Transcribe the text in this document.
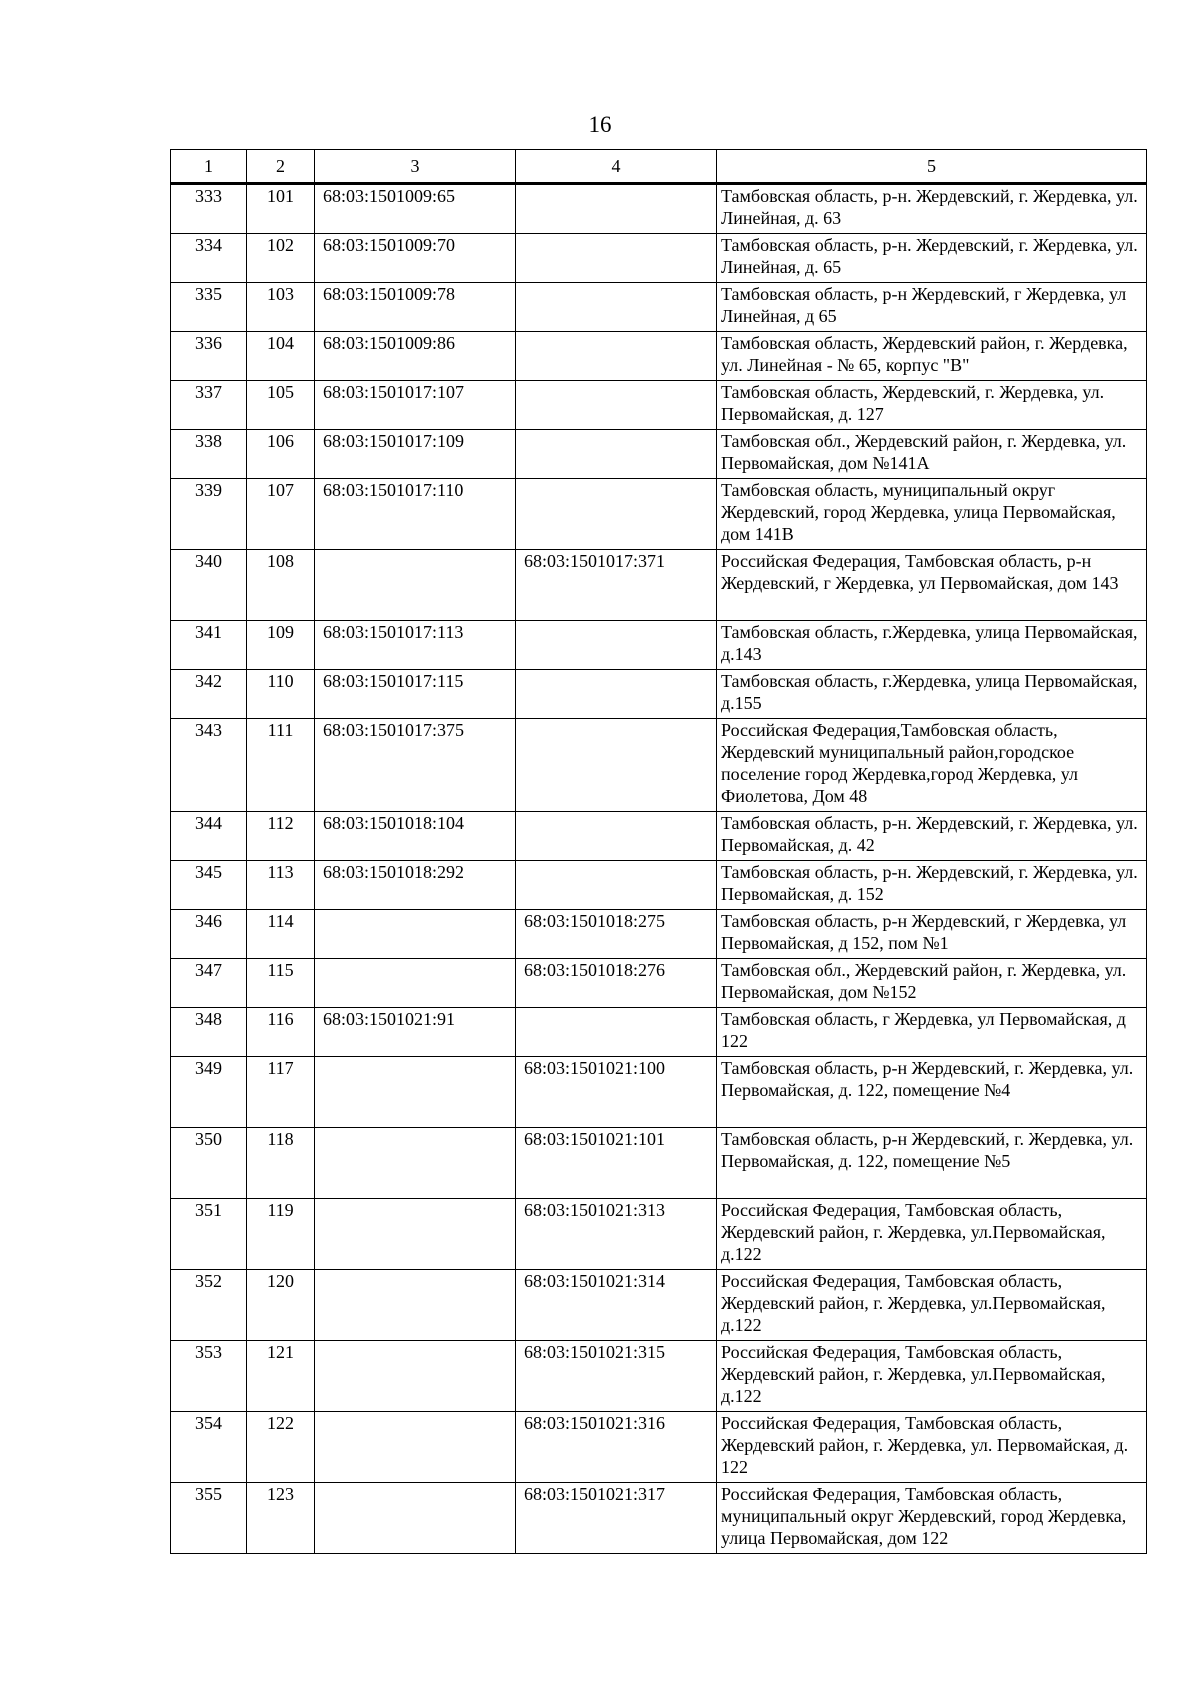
16
1	2	3	4	5
333	101	68:03:1501009:65		Тамбовская область, р-н. Жердевский, г. Жердевка, ул. Линейная, д. 63
334	102	68:03:1501009:70		Тамбовская область, р-н. Жердевский, г. Жердевка, ул. Линейная, д. 65
335	103	68:03:1501009:78		Тамбовская область, р-н Жердевский, г Жердевка, ул Линейная, д 65
336	104	68:03:1501009:86		Тамбовская область, Жердевский район, г. Жердевка, ул. Линейная - № 65, корпус "В"
337	105	68:03:1501017:107		Тамбовская область, Жердевский, г. Жердевка, ул. Первомайская, д. 127
338	106	68:03:1501017:109		Тамбовская обл., Жердевский район, г. Жердевка, ул. Первомайская, дом №141А
339	107	68:03:1501017:110		Тамбовская область, муниципальный округ Жердевский, город Жердевка, улица Первомайская, дом 141В
340	108		68:03:1501017:371	Российская Федерация, Тамбовская область, р-н Жердевский, г Жердевка, ул Первомайская, дом 143
341	109	68:03:1501017:113		Тамбовская область, г.Жердевка, улица Первомайская, д.143
342	110	68:03:1501017:115		Тамбовская область, г.Жердевка, улица Первомайская, д.155
343	111	68:03:1501017:375		Российская Федерация,Тамбовская область, Жердевский муниципальный район,городское поселение город Жердевка,город Жердевка, ул Фиолетова, Дом 48
344	112	68:03:1501018:104		Тамбовская область, р-н. Жердевский, г. Жердевка, ул. Первомайская, д. 42
345	113	68:03:1501018:292		Тамбовская область, р-н. Жердевский, г. Жердевка, ул. Первомайская, д. 152
346	114		68:03:1501018:275	Тамбовская область, р-н Жердевский, г Жердевка, ул Первомайская, д 152, пом №1
347	115		68:03:1501018:276	Тамбовская обл., Жердевский район, г. Жердевка, ул. Первомайская, дом №152
348	116	68:03:1501021:91		Тамбовская область, г Жердевка, ул Первомайская, д 122
349	117		68:03:1501021:100	Тамбовская область, р-н Жердевский, г. Жердевка, ул. Первомайская, д. 122, помещение №4
350	118		68:03:1501021:101	Тамбовская область, р-н Жердевский, г. Жердевка, ул. Первомайская, д. 122, помещение №5
351	119		68:03:1501021:313	Российская Федерация, Тамбовская область, Жердевский район, г. Жердевка, ул.Первомайская, д.122
352	120		68:03:1501021:314	Российская Федерация, Тамбовская область, Жердевский район, г. Жердевка, ул.Первомайская, д.122
353	121		68:03:1501021:315	Российская Федерация, Тамбовская область, Жердевский район, г. Жердевка, ул.Первомайская, д.122
354	122		68:03:1501021:316	Российская Федерация, Тамбовская область, Жердевский район, г. Жердевка, ул. Первомайская, д. 122
355	123		68:03:1501021:317	Российская Федерация, Тамбовская область, муниципальный округ Жердевский, город Жердевка, улица Первомайская, дом 122
